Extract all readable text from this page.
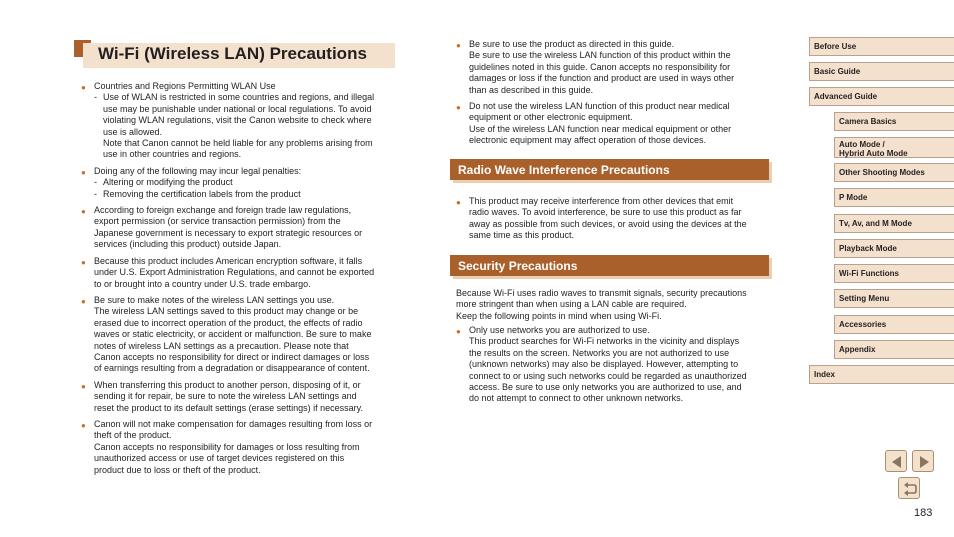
Wi-Fi (Wireless LAN) Precautions
● Countries and Regions Permitting WLAN Use
- Use of WLAN is restricted in some countries and regions, and illegal
use may be punishable under national or local regulations. To avoid
violating WLAN regulations, visit the Canon website to check where
use is allowed.
Note that Canon cannot be held liable for any problems arising from
use in other countries and regions.
● Doing any of the following may incur legal penalties:
- Altering or modifying the product
- Removing the certification labels from the product
● According to foreign exchange and foreign trade law regulations,
export permission (or service transaction permission) from the
Japanese government is necessary to export strategic resources or
services (including this product) outside Japan.
● Because this product includes American encryption software, it falls
under U.S. Export Administration Regulations, and cannot be exported
to or brought into a country under U.S. trade embargo.
● Be sure to make notes of the wireless LAN settings you use.
The wireless LAN settings saved to this product may change or be
erased due to incorrect operation of the product, the effects of radio
waves or static electricity, or accident or malfunction. Be sure to make
notes of wireless LAN settings as a precaution. Please note that
Canon accepts no responsibility for direct or indirect damages or loss
of earnings resulting from a degradation or disappearance of content.
● When transferring this product to another person, disposing of it, or
sending it for repair, be sure to note the wireless LAN settings and
reset the product to its default settings (erase settings) if necessary.
● Canon will not make compensation for damages resulting from loss or
theft of the product.
Canon accepts no responsibility for damages or loss resulting from
unauthorized access or use of target devices registered on this
product due to loss or theft of the product.
● Be sure to use the product as directed in this guide.
Be sure to use the wireless LAN function of this product within the
guidelines noted in this guide. Canon accepts no responsibility for
damages or loss if the function and product are used in ways other
than as described in this guide.
● Do not use the wireless LAN function of this product near medical
equipment or other electronic equipment.
Use of the wireless LAN function near medical equipment or other
electronic equipment may affect operation of those devices.
Radio Wave Interference Precautions
● This product may receive interference from other devices that emit
radio waves. To avoid interference, be sure to use this product as far
away as possible from such devices, or avoid using the devices at the
same time as this product.
Security Precautions
Because Wi-Fi uses radio waves to transmit signals, security precautions
more stringent than when using a LAN cable are required.
Keep the following points in mind when using Wi-Fi.
● Only use networks you are authorized to use.
This product searches for Wi-Fi networks in the vicinity and displays
the results on the screen. Networks you are not authorized to use
(unknown networks) may also be displayed. However, attempting to
connect to or using such networks could be regarded as unauthorized
access. Be sure to use only networks you are authorized to use, and
do not attempt to connect to other unknown networks.
Before Use
Basic Guide
Advanced Guide
Camera Basics
Auto Mode /
Hybrid Auto Mode
Other Shooting Modes
P Mode
Tv, Av, and M Mode
Playback Mode
Wi-Fi Functions
Setting Menu
Accessories
Appendix
Index
183
